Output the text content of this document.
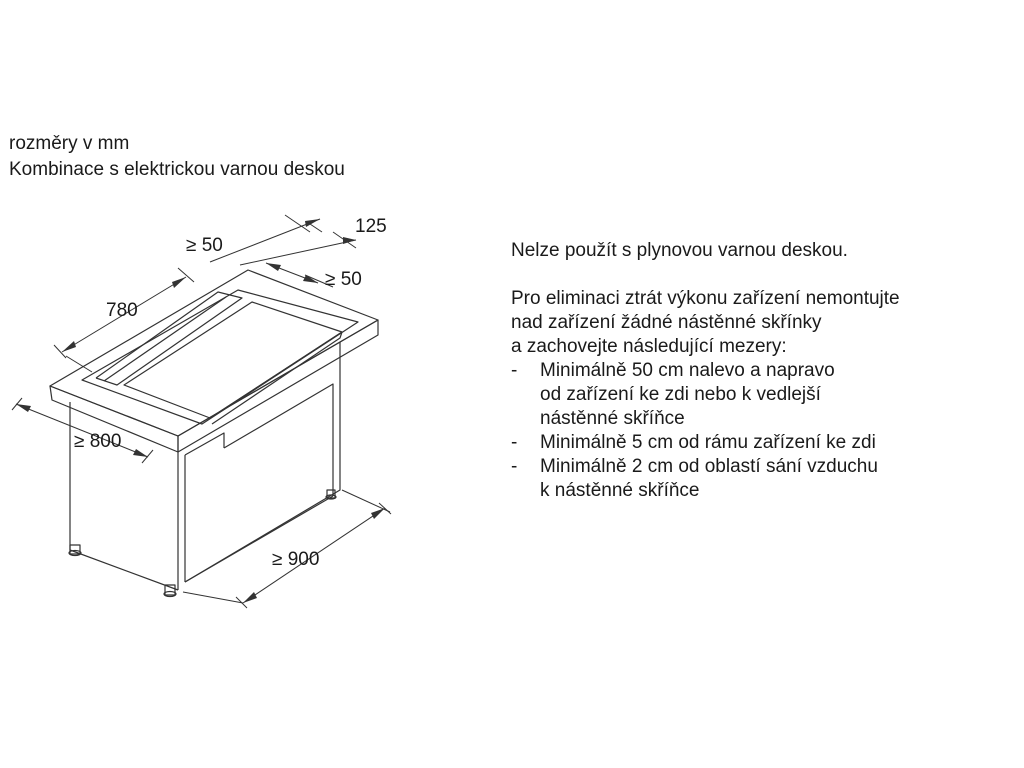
rozměry v mm
Kombinace s elektrickou varnou deskou
≥ 50
125
≥ 50
780
≥ 800
≥ 900

Nelze použít s plynovou varnou deskou.

Pro eliminaci ztrát výkonu zařízení nemontujte

nad zařízení žádné nástěnné skřínky

a zachovejte následující mezery:

-	Minimálně 50 cm nalevo a napravo
od zařízení ke zdi nebo k vedlejší
nástěnné skříňce
-	Minimálně 5 cm od rámu zařízení ke zdi
-	Minimálně 2 cm od oblastí sání vzduchu
k nástěnné skříňce
